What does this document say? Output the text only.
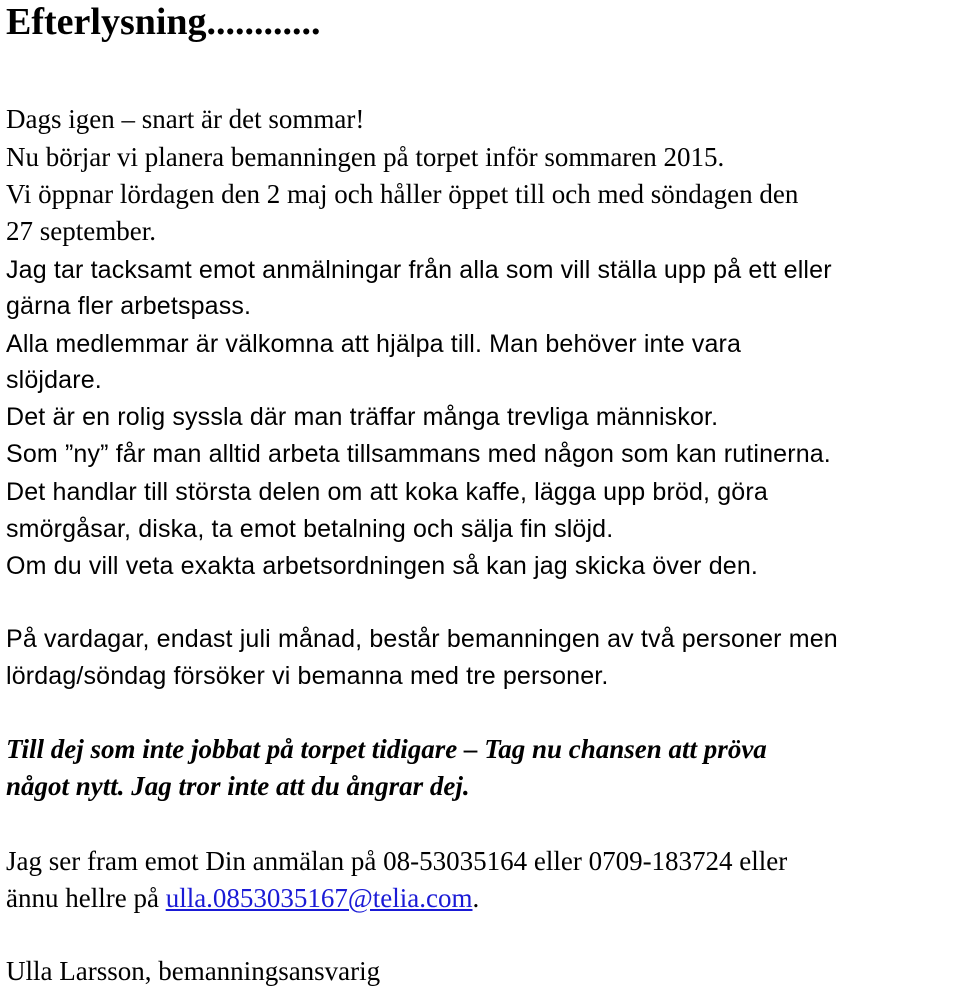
Efterlysning............

Dags igen – snart är det sommar!

Nu börjar vi planera bemanningen på torpet inför sommaren 2015.

Vi öppnar lördagen den 2 maj och håller öppet till och med söndagen den

27 september.

Jag tar tacksamt emot anmälningar från alla som vill ställa upp på ett eller

gärna fler arbetspass.

Alla medlemmar är välkomna att hjälpa till. Man behöver inte vara

slöjdare.

Det är en rolig syssla där man träffar många trevliga människor.

Som ”ny” får man alltid arbeta tillsammans med någon som kan rutinerna.

Det handlar till största delen om att koka kaffe, lägga upp bröd, göra

smörgåsar, diska, ta emot betalning och sälja fin slöjd.

Om du vill veta exakta arbetsordningen så kan jag skicka över den.

På vardagar, endast juli månad, består bemanningen av två personer men

lördag/söndag försöker vi bemanna med tre personer.

Till dej som inte jobbat på torpet tidigare – Tag nu chansen att pröva

något nytt. Jag tror inte att du ångrar dej.

Jag ser fram emot Din anmälan på 08-53035164 eller 0709-183724 eller

ännu hellre på ulla.0853035167@telia.com.

Ulla Larsson, bemanningsansvarig
